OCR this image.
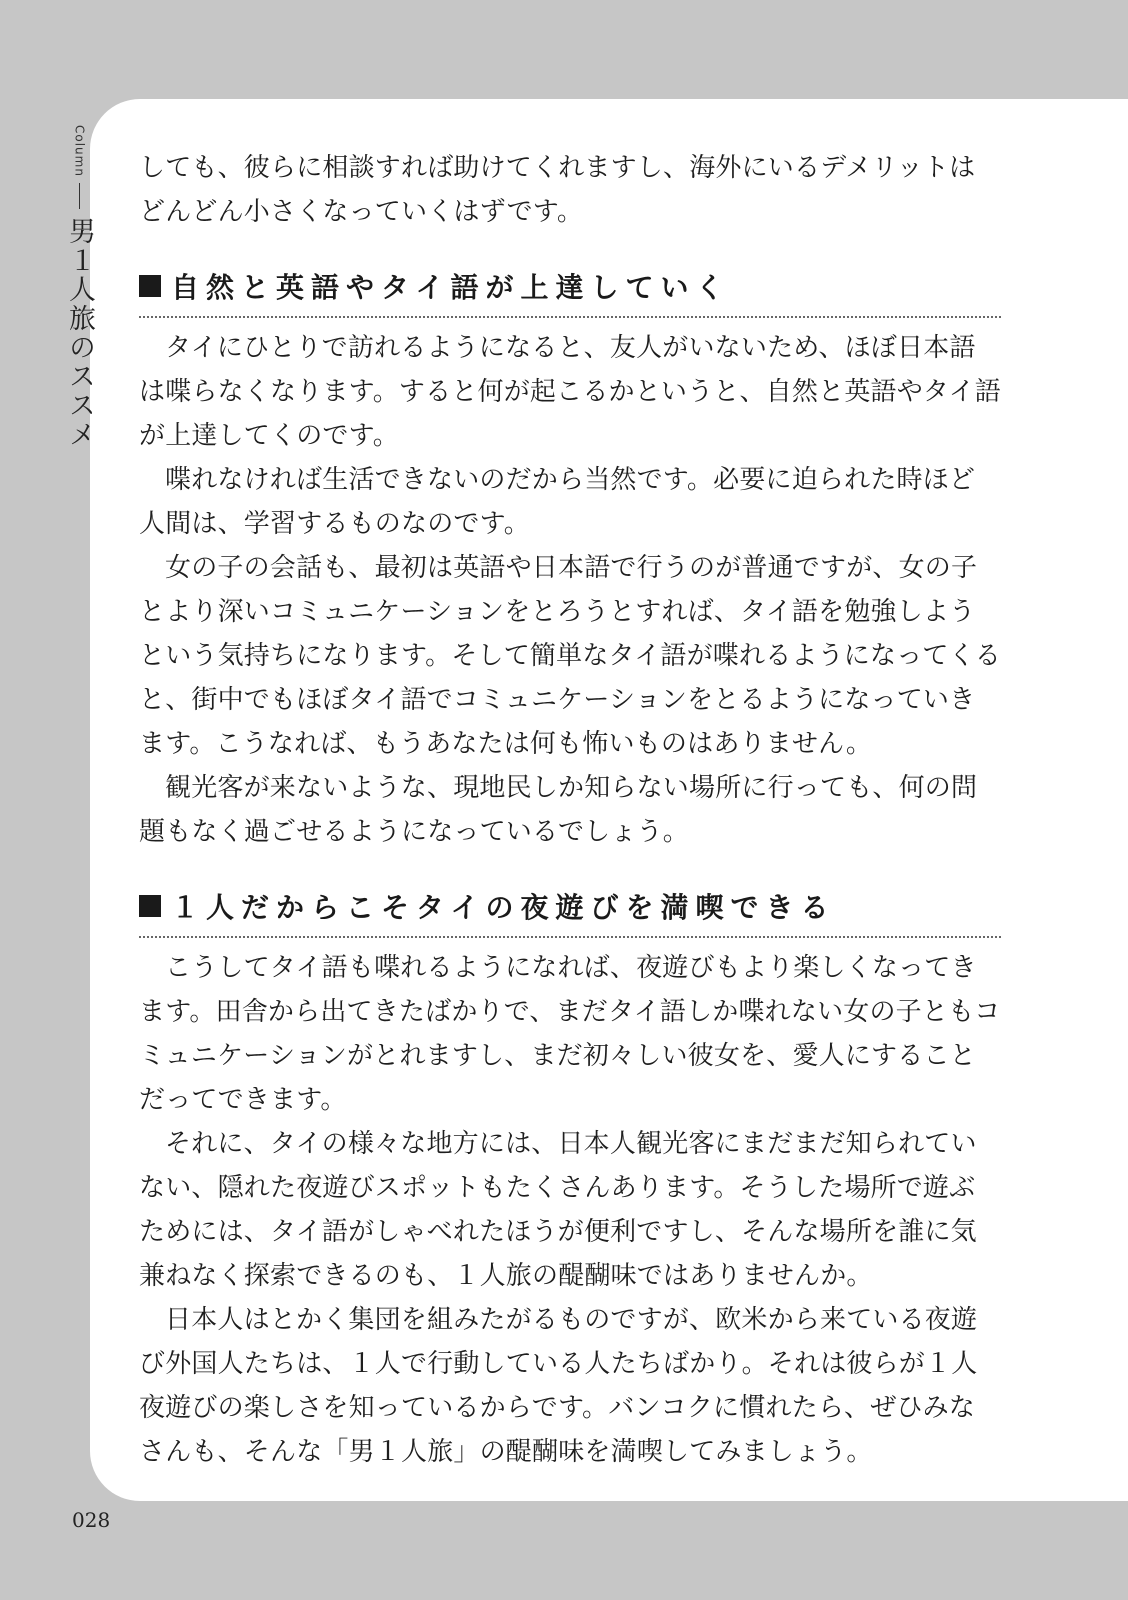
Column
男１人旅のススメ

しても、彼らに相談すれば助けてくれますし、海外にいるデメリットはどんどん小さくなっていくはずです。

自然と英語やタイ語が上達していく

タイにひとりで訪れるようになると、友人がいないため、ほぼ日本語は喋らなくなります。すると何が起こるかというと、自然と英語やタイ語が上達してくのです。

喋れなければ生活できないのだから当然です。必要に迫られた時ほど人間は、学習するものなのです。

女の子の会話も、最初は英語や日本語で行うのが普通ですが、女の子とより深いコミュニケーションをとろうとすれば、タイ語を勉強しようという気持ちになります。そして簡単なタイ語が喋れるようになってくると、街中でもほぼタイ語でコミュニケーションをとるようになっていきます。こうなれば、もうあなたは何も怖いものはありません。

観光客が来ないような、現地民しか知らない場所に行っても、何の問題もなく過ごせるようになっているでしょう。

１人だからこそタイの夜遊びを満喫できる

こうしてタイ語も喋れるようになれば、夜遊びもより楽しくなってきます。田舎から出てきたばかりで、まだタイ語しか喋れない女の子ともコミュニケーションがとれますし、まだ初々しい彼女を、愛人にすることだってできます。

それに、タイの様々な地方には、日本人観光客にまだまだ知られていない、隠れた夜遊びスポットもたくさんあります。そうした場所で遊ぶためには、タイ語がしゃべれたほうが便利ですし、そんな場所を誰に気兼ねなく探索できるのも、１人旅の醍醐味ではありませんか。

日本人はとかく集団を組みたがるものですが、欧米から来ている夜遊び外国人たちは、１人で行動している人たちばかり。それは彼らが１人夜遊びの楽しさを知っているからです。バンコクに慣れたら、ぜひみなさんも、そんな「男１人旅」の醍醐味を満喫してみましょう。

028
